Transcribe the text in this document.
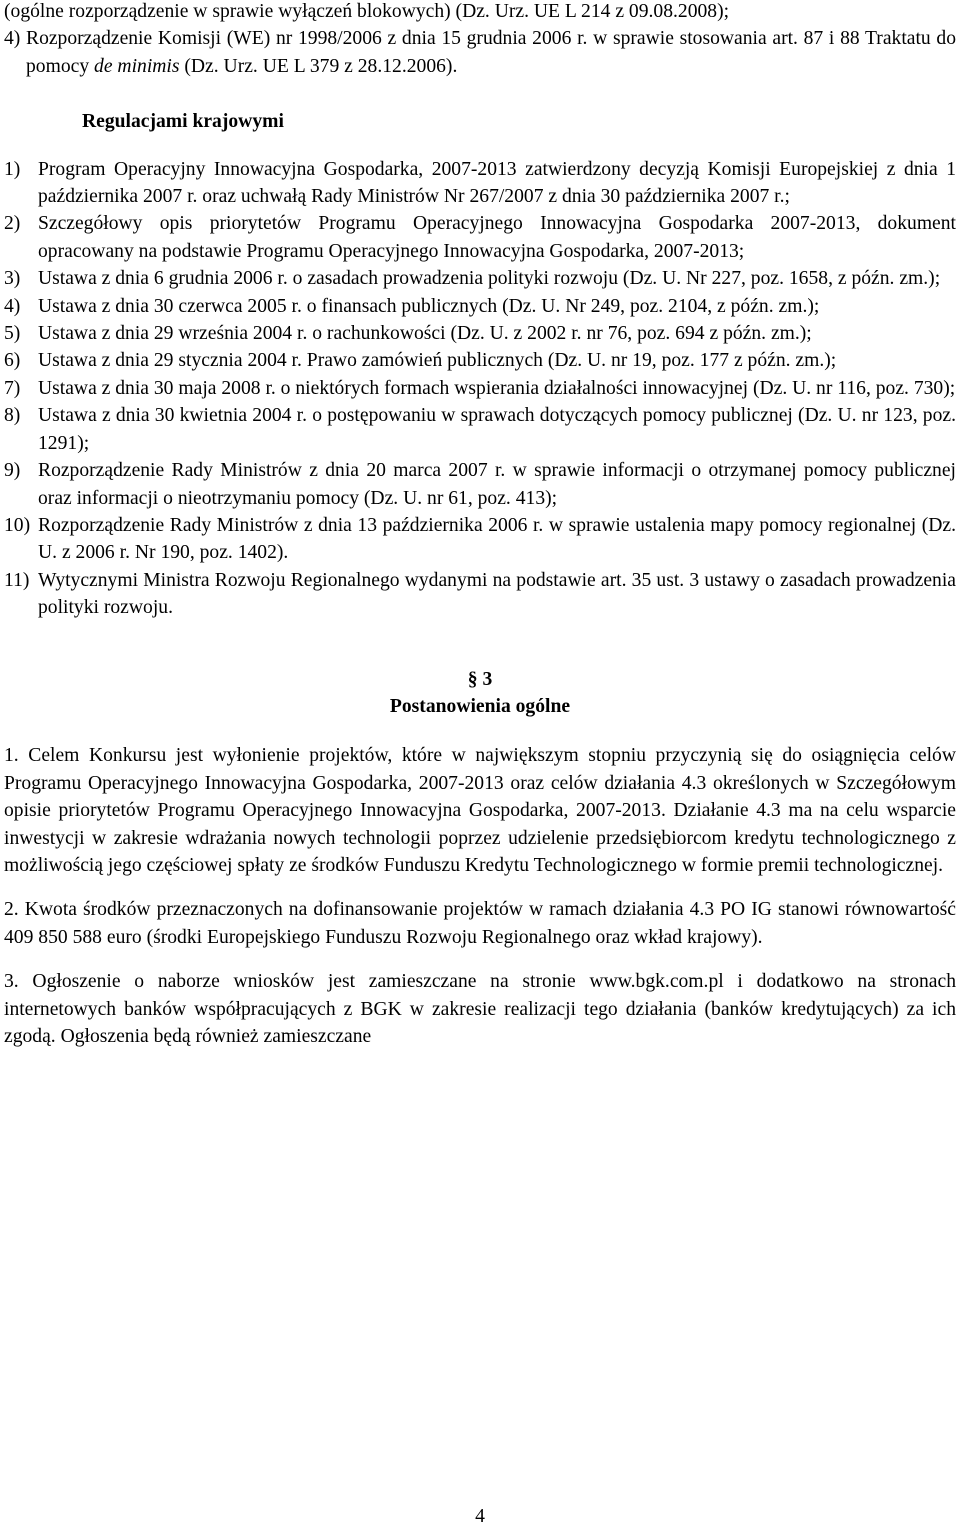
(ogólne rozporządzenie w sprawie wyłączeń blokowych) (Dz. Urz. UE L 214 z 09.08.2008);

4) Rozporządzenie Komisji (WE) nr 1998/2006 z dnia 15 grudnia 2006 r. w sprawie stosowania art. 87 i 88 Traktatu do pomocy de minimis (Dz. Urz. UE L 379 z 28.12.2006).

Regulacjami krajowymi

1) Program Operacyjny Innowacyjna Gospodarka, 2007-2013 zatwierdzony decyzją Komisji Europejskiej z dnia 1 października 2007 r. oraz uchwałą Rady Ministrów Nr 267/2007 z dnia 30 października 2007 r.;
2) Szczegółowy opis priorytetów Programu Operacyjnego Innowacyjna Gospodarka 2007-2013, dokument opracowany na podstawie Programu Operacyjnego Innowacyjna Gospodarka, 2007-2013;
3) Ustawa z dnia 6 grudnia 2006 r. o zasadach prowadzenia polityki rozwoju (Dz. U. Nr 227, poz. 1658, z późn. zm.);
4) Ustawa z dnia 30 czerwca 2005 r. o finansach publicznych (Dz. U. Nr 249, poz. 2104, z późn. zm.);
5) Ustawa z dnia 29 września 2004 r. o rachunkowości (Dz. U. z 2002 r. nr 76, poz. 694 z późn. zm.);
6) Ustawa z dnia 29 stycznia 2004 r. Prawo zamówień publicznych (Dz. U. nr 19, poz. 177 z późn. zm.);
7) Ustawa z dnia 30 maja 2008 r. o niektórych formach wspierania działalności innowacyjnej (Dz. U. nr 116, poz. 730);
8) Ustawa z dnia 30 kwietnia 2004 r. o postępowaniu w sprawach dotyczących pomocy publicznej (Dz. U. nr 123, poz. 1291);
9) Rozporządzenie Rady Ministrów z dnia 20 marca 2007 r. w sprawie informacji o otrzymanej pomocy publicznej oraz informacji o nieotrzymaniu pomocy (Dz. U. nr 61, poz. 413);
10) Rozporządzenie Rady Ministrów z dnia 13 października 2006 r. w sprawie ustalenia mapy pomocy regionalnej (Dz. U. z 2006 r. Nr 190, poz. 1402).
11) Wytycznymi Ministra Rozwoju Regionalnego wydanymi na podstawie art. 35 ust. 3 ustawy o zasadach prowadzenia polityki rozwoju.

§ 3

Postanowienia ogólne

1. Celem Konkursu jest wyłonienie projektów, które w największym stopniu przyczynią się do osiągnięcia celów Programu Operacyjnego Innowacyjna Gospodarka, 2007-2013 oraz celów działania 4.3 określonych w Szczegółowym opisie priorytetów Programu Operacyjnego Innowacyjna Gospodarka, 2007-2013. Działanie 4.3 ma na celu wsparcie inwestycji w zakresie wdrażania nowych technologii poprzez udzielenie przedsiębiorcom kredytu technologicznego z możliwością jego częściowej spłaty ze środków Funduszu Kredytu Technologicznego w formie premii technologicznej.

2. Kwota środków przeznaczonych na dofinansowanie projektów w ramach działania 4.3 PO IG stanowi równowartość 409 850 588 euro (środki Europejskiego Funduszu Rozwoju Regionalnego oraz wkład krajowy).

3. Ogłoszenie o naborze wniosków jest zamieszczane na stronie www.bgk.com.pl i dodatkowo na stronach internetowych banków współpracujących z BGK w zakresie realizacji tego działania (banków kredytujących) za ich zgodą. Ogłoszenia będą również zamieszczane

4
